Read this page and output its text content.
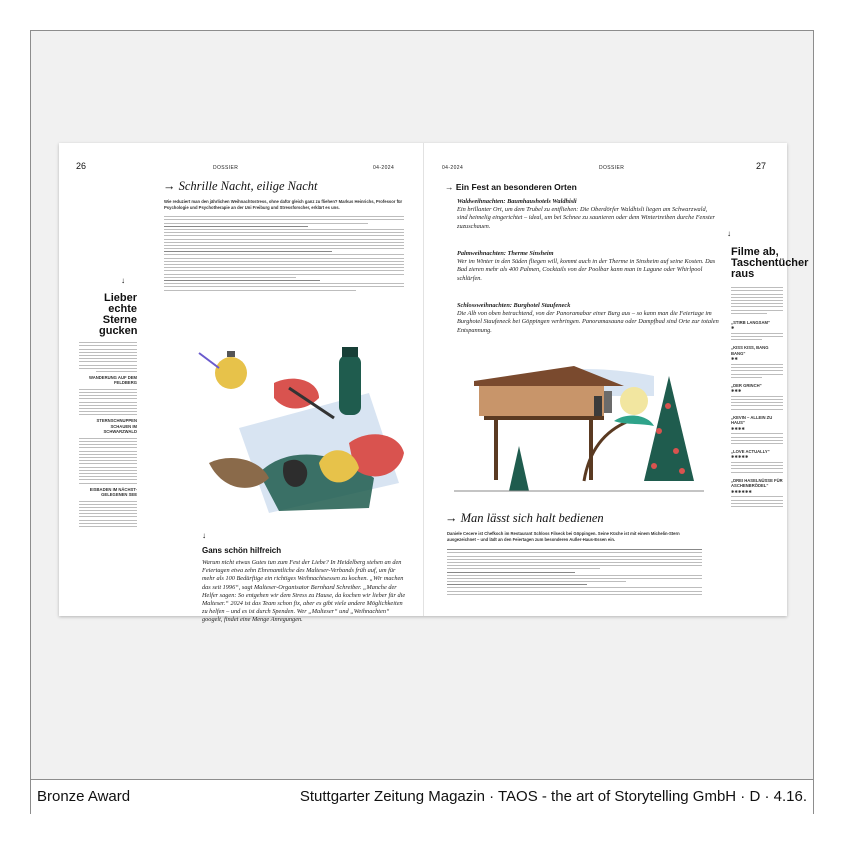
26	DOSSIER	04-2024
→ Schrille Nacht, eilige Nacht
Wie reduziert man den jährlichen Weihnachtsstress, ohne dafür gleich ganz zu fliehen? Markus Heinrichs, Professor für Psychologie und Psychotherapie an der Uni Freiburg und Stressforscher, erklärt es uns.
↓
Lieber echte Sterne gucken
WANDERUNG AUF DEM FELDBERG
STERNSCHNUPPEN SCHAUEN IM SCHWARZWALD
EISBADEN IM NÄCHST-GELEGENEN SEE
↓
Gans schön hilfreich
Warum nicht etwas Gutes tun zum Fest der Liebe? In Heidelberg stehen an den Feiertagen etwa zehn Ehrenamtliche des Malteser-Verbands früh auf, um für mehr als 100 Bedürftige ein richtiges Weihnachtsessen zu kochen. „Wir machen das seit 1996“, sagt Malteser-Organisator Bernhard Schreiber. „Manche der Helfer sagen: So entgehen wir dem Stress zu Hause, da kochen wir lieber für die Malteser.“ 2024 ist das Team schon fix, aber es gibt viele andere Möglichkeiten zu helfen – und es ist durch Spenden. Wer „Malteser“ und „Weihnachten“ googelt, findet eine Menge Anregungen.
04-2024	DOSSIER	27
→ Ein Fest an besonderen Orten
Waldweihnachten: Baumhaushotels Waldhisli
Ein brillanter Ort, um dem Trubel zu entfliehen: Die Oberdörfer Waldhisli liegen am Schwarzwald, sind heimelig eingerichtet – ideal, um bei Schnee zu saunieren oder dem Wintertreiben durche Fenster zuzuschauen.
Palmweihnachten: Therme Sinsheim
Wer im Winter in den Süden fliegen will, kommt auch in der Therme in Sinsheim auf seine Kosten. Das Bad zieren mehr als 400 Palmen, Cocktails von der Poolbar kann man in Lagune oder Whirlpool schlürfen.
Schlossweihnachten: Burghotel Staufeneck
Die Alb von oben betrachtend, von der Panoramabar einer Burg aus – so kann man die Feiertage im Burghotel Staufeneck bei Göppingen verbringen. Panoramasauna oder Dampfbad sind Orte zur totalen Entspannung.
→ Man lässt sich halt bedienen
Daniele Cecere ist Chefkoch im Restaurant Schloss Filseck bei Göppingen. Seine Küche ist mit einem Michelin-Stern ausgezeichnet – und lädt an den Feiertagen zum besonderen Außer-Haus-Essen ein.
↓
Filme ab, Taschentücher raus
„STIRB LANGSAM“
✱
„KISS KISS, BANG BANG“
✱✱
„DER GRINCH“
✱✱✱
„KEVIN – ALLEIN ZU HAUS“
✱✱✱✱
„LOVE ACTUALLY“
✱✱✱✱✱
„DREI HASELNÜSSE FÜR ASCHENBRÖDEL“
✱✱✱✱✱✱
Bronze Award	Stuttgarter Zeitung Magazin · TAOS - the art of Storytelling GmbH · D · 4.16.
